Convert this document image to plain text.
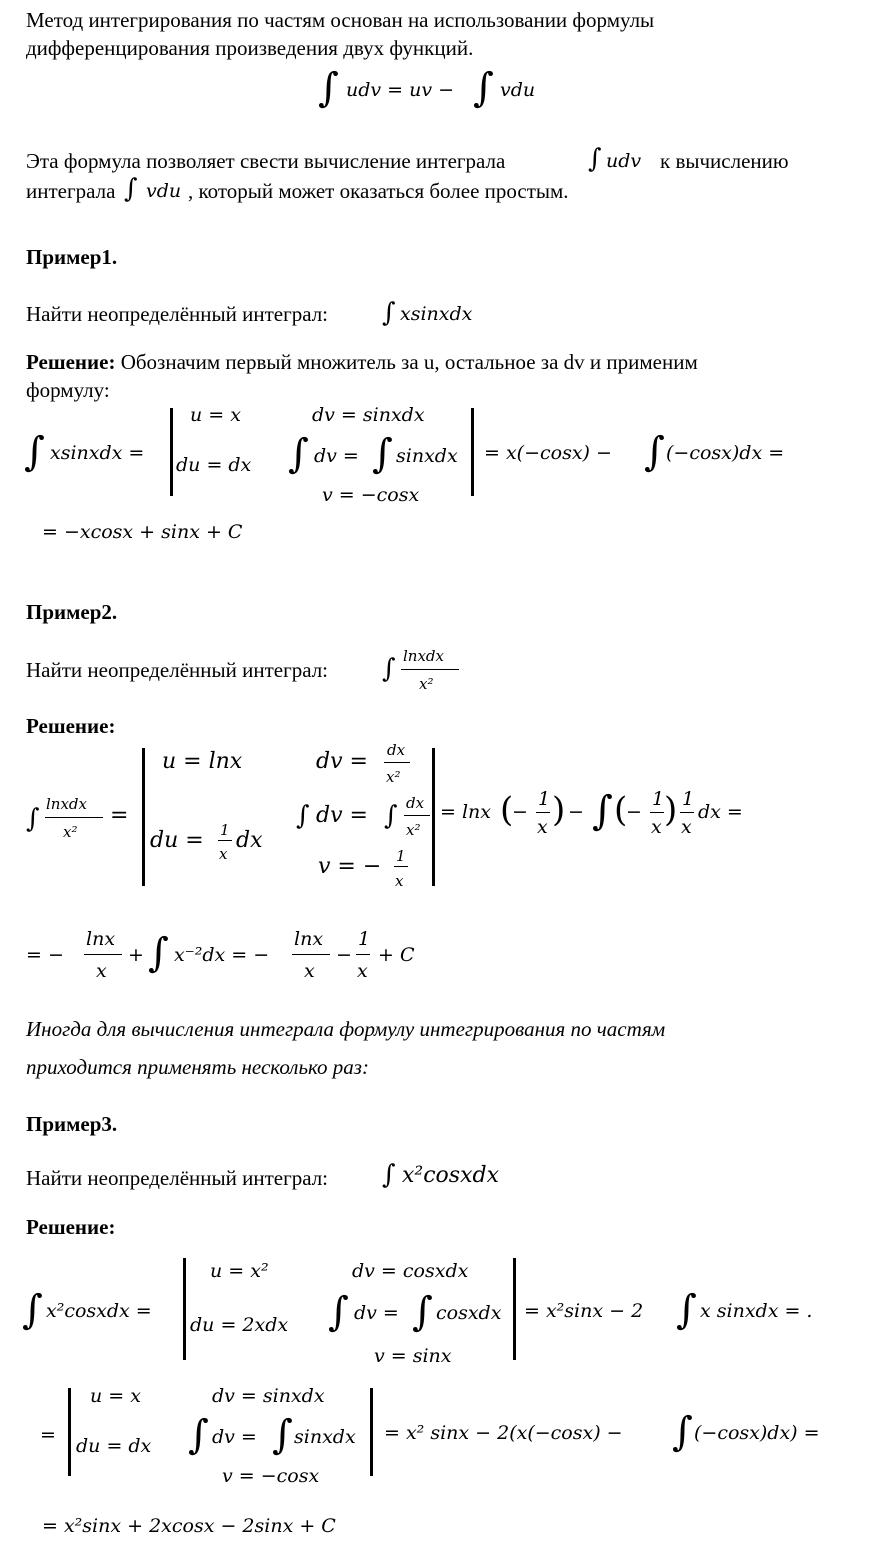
Метод интегрирования по частям основан на использовании формулы
дифференцирования произведения двух функций.
∫ udv = uv − ∫ vdu
Эта формула позволяет свести вычисление интеграла	∫ udv к вычислению
интеграла ∫ vdu , который может оказаться более простым.
Пример1.
Найти неопределённый интеграл: ∫ xsinxdx
Решение: Обозначим первый множитель за u, остальное за dv и применим
формулу:
∫ xsinxdx =
u = x
du = dx
dv = sinxdx
∫ dv = ∫ sinxdx
v = −cosx
= x(−cosx) − ∫ (−cosx)dx =
= −xcosx + sinx + C
Пример2.
Найти неопределённый интеграл: ∫ lnxdx
x²
Решение:
∫ lnxdx
x²
=
u = lnx
du = 1
x
dx
dv = dx
x²
∫ dv = ∫ dx
x²
v = − 1
x
= lnx (
−
1
x ) − ∫ (
−
1
x ) 1
x
dx =
= −
lnx
x
+ ∫ x⁻²dx = −
lnx
x
−
1
x
+ C
Иногда для вычисления интеграла формулу интегрирования по частям
приходится применять несколько раз:
Пример3.
Найти неопределённый интеграл: ∫ x²cosxdx
Решение:
∫ x²cosxdx =
u = x²
du = 2xdx
dv = cosxdx
∫ dv = ∫ cosxdx
v = sinx
= x²sinx − 2 ∫ x sinxdx = .
=
u = x
du = dx
dv = sinxdx
∫ dv = ∫ sinxdx
v = −cosx
= x² sinx − 2(x(−cosx) − ∫ (−cosx)dx) =
= x²sinx + 2xcosx − 2sinx + C
